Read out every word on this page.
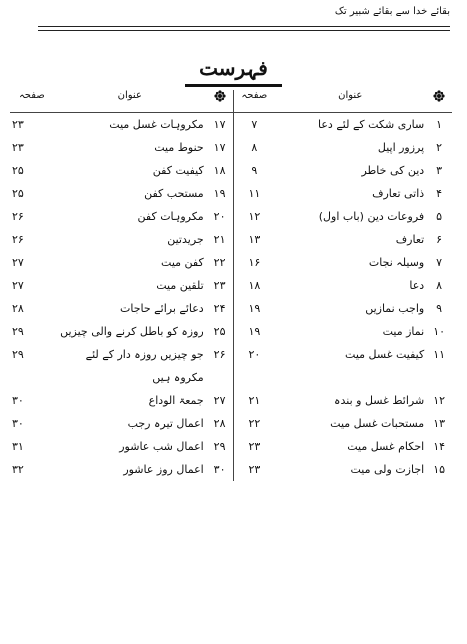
بقائے خدا سے بقائے شبیر تک
فہرست
	عنوان	صفحہ		عنوان	صفحہ
۱	ساری شکت کے لئے دعا	۷	۱۷	مکروہات غسل میت	۲۳
۲	پرزور اپیل	۸	۱۷	حنوط میت	۲۳
۳	دین کی خاطر	۹	۱۸	کیفیت کفن	۲۵
۴	ذاتی تعارف	۱۱	۱۹	مستحب کفن	۲۵
۵	فروعات دین (باب اول)	۱۲	۲۰	مکروہات کفن	۲۶
۶	تعارف	۱۳	۲۱	جریدتین	۲۶
۷	وسیلہ نجات	۱۶	۲۲	کفن میت	۲۷
۸	دعا	۱۸	۲۳	تلقین میت	۲۷
۹	واجب نمازیں	۱۹	۲۴	دعائے برائے حاجات	۲۸
۱۰	نماز میت	۱۹	۲۵	روزہ کو باطل کرنے والی چیزیں	۲۹
۱۱	کیفیت غسل میت	۲۰	۲۶	جو چیزیں روزہ دار کے لئے مکروہ ہیں	۲۹
۱۲	شرائط غسل و بندہ	۲۱	۲۷	جمعۃ الوداع	۳۰
۱۳	مستحبات غسل میت	۲۲	۲۸	اعمال تیرہ رجب	۳۰
۱۴	احکام غسل میت	۲۳	۲۹	اعمال شب عاشور	۳۱
۱۵	اجازت ولی میت	۲۳	۳۰	اعمال روز عاشور	۳۲
